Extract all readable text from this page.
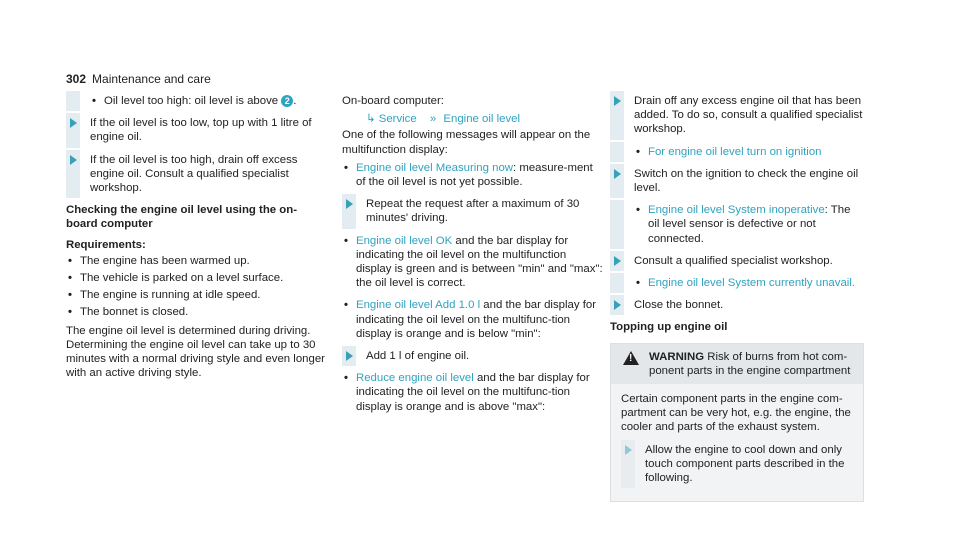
302 Maintenance and care
• Oil level too high: oil level is above 2 .
If the oil level is too low, top up with 1 litre of engine oil.
If the oil level is too high, drain off excess engine oil. Consult a qualified specialist workshop.
Checking the engine oil level using the on-board computer
Requirements:
• The engine has been warmed up.
• The vehicle is parked on a level surface.
• The engine is running at idle speed.
• The bonnet is closed.
The engine oil level is determined during driving. Determining the engine oil level can take up to 30 minutes with a normal driving style and even longer with an active driving style.
On-board computer:
↳ Service » Engine oil level
One of the following messages will appear on the multifunction display:
• Engine oil level Measuring now: measure-ment of the oil level is not yet possible.
Repeat the request after a maximum of 30 minutes' driving.
• Engine oil level OK and the bar display for indicating the oil level on the multifunction display is green and is between "min" and "max": the oil level is correct.
• Engine oil level Add 1.0 l and the bar display for indicating the oil level on the multifunc-tion display is orange and is below "min":
Add 1 l of engine oil.
• Reduce engine oil level and the bar display for indicating the oil level on the multifunc-tion display is orange and is above "max":
Drain off any excess engine oil that has been added. To do so, consult a qualified specialist workshop.
• For engine oil level turn on ignition
Switch on the ignition to check the engine oil level.
• Engine oil level System inoperative: The oil level sensor is defective or not connected.
Consult a qualified specialist workshop.
• Engine oil level System currently unavail.
Close the bonnet.
Topping up engine oil
! WARNING Risk of burns from hot com-ponent parts in the engine compartment
Certain component parts in the engine com-partment can be very hot, e.g. the engine, the cooler and parts of the exhaust system.
Allow the engine to cool down and only touch component parts described in the following.
